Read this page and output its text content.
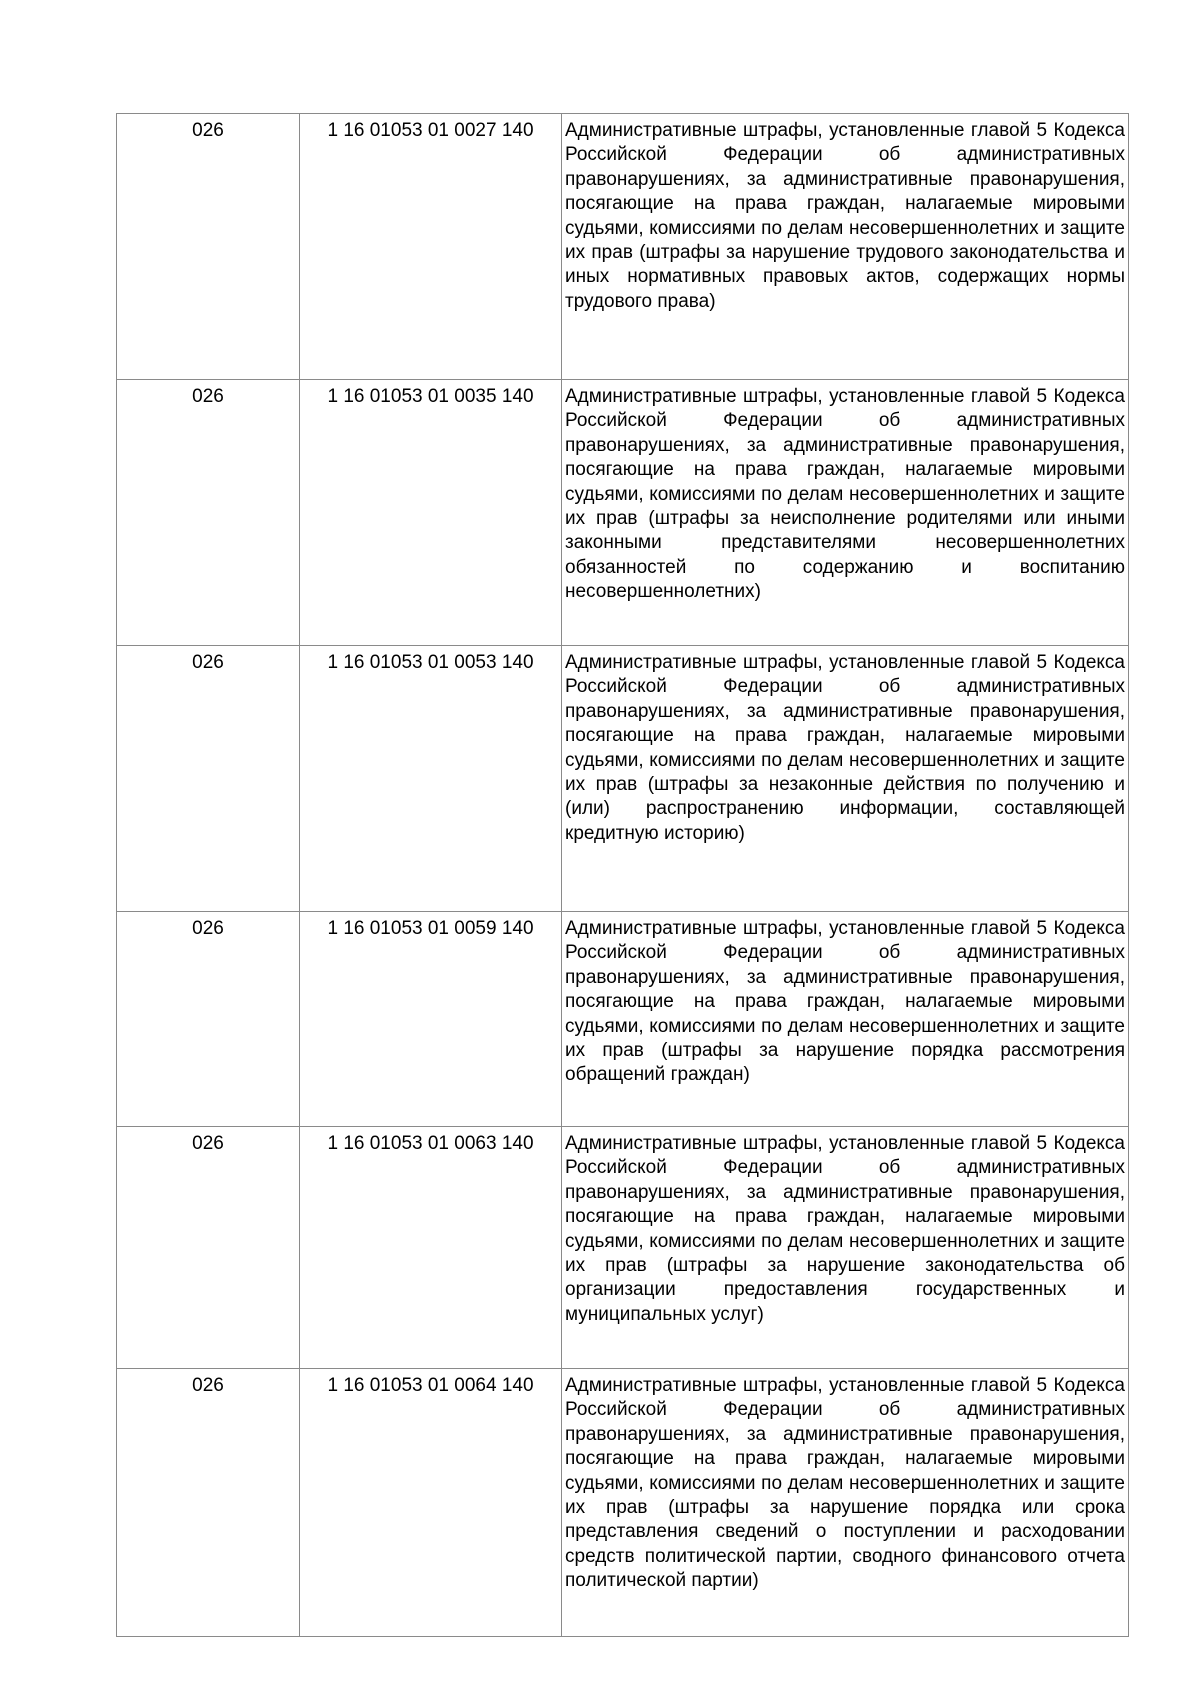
026	1 16 01053 01 0027 140	Административные штрафы, установленные главой 5 Кодекса Российской Федерации об административных правонарушениях, за административные правонарушения, посягающие на права граждан, налагаемые мировыми судьями, комиссиями по делам несовершеннолетних и защите их прав (штрафы за нарушение трудового законодательства и иных нормативных правовых актов, содержащих нормы трудового права)

026	1 16 01053 01 0035 140	Административные штрафы, установленные главой 5 Кодекса Российской Федерации об административных правонарушениях, за административные правонарушения, посягающие на права граждан, налагаемые мировыми судьями, комиссиями по делам несовершеннолетних и защите их прав (штрафы за неисполнение родителями или иными законными представителями несовершеннолетних обязанностей по содержанию и воспитанию несовершеннолетних)

026	1 16 01053 01 0053 140	Административные штрафы, установленные главой 5 Кодекса Российской Федерации об административных правонарушениях, за административные правонарушения, посягающие на права граждан, налагаемые мировыми судьями, комиссиями по делам несовершеннолетних и защите их прав (штрафы за незаконные действия по получению и (или) распространению информации, составляющей кредитную историю)

026	1 16 01053 01 0059 140	Административные штрафы, установленные главой 5 Кодекса Российской Федерации об административных правонарушениях, за административные правонарушения, посягающие на права граждан, налагаемые мировыми судьями, комиссиями по делам несовершеннолетних и защите их прав (штрафы за нарушение порядка рассмотрения обращений граждан)

026	1 16 01053 01 0063 140	Административные штрафы, установленные главой 5 Кодекса Российской Федерации об административных правонарушениях, за административные правонарушения, посягающие на права граждан, налагаемые мировыми судьями, комиссиями по делам несовершеннолетних и защите их прав (штрафы за нарушение законодательства об организации предоставления государственных и муниципальных услуг)

026	1 16 01053 01 0064 140	Административные штрафы, установленные главой 5 Кодекса Российской Федерации об административных правонарушениях, за административные правонарушения, посягающие на права граждан, налагаемые мировыми судьями, комиссиями по делам несовершеннолетних и защите их прав (штрафы за нарушение порядка или срока представления сведений о поступлении и расходовании средств политической партии, сводного финансового отчета политической партии)
